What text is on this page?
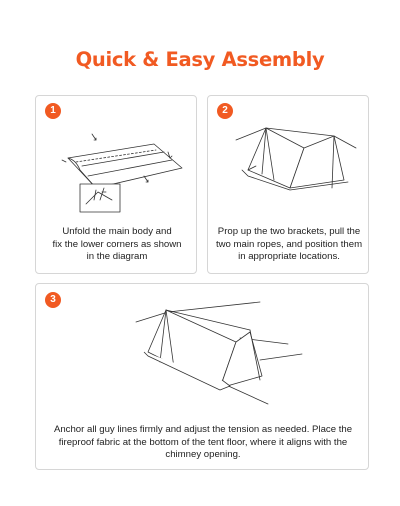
Quick & Easy Assembly
1
Unfold the main body and
fix the lower corners as shown
in the diagram
2
Prop up the two brackets, pull the
two main ropes, and position them
in appropriate locations.
3
Anchor all guy lines firmly and adjust the tension as needed. Place the
fireproof fabric at the bottom of the tent floor, where it aligns with the
chimney opening.
